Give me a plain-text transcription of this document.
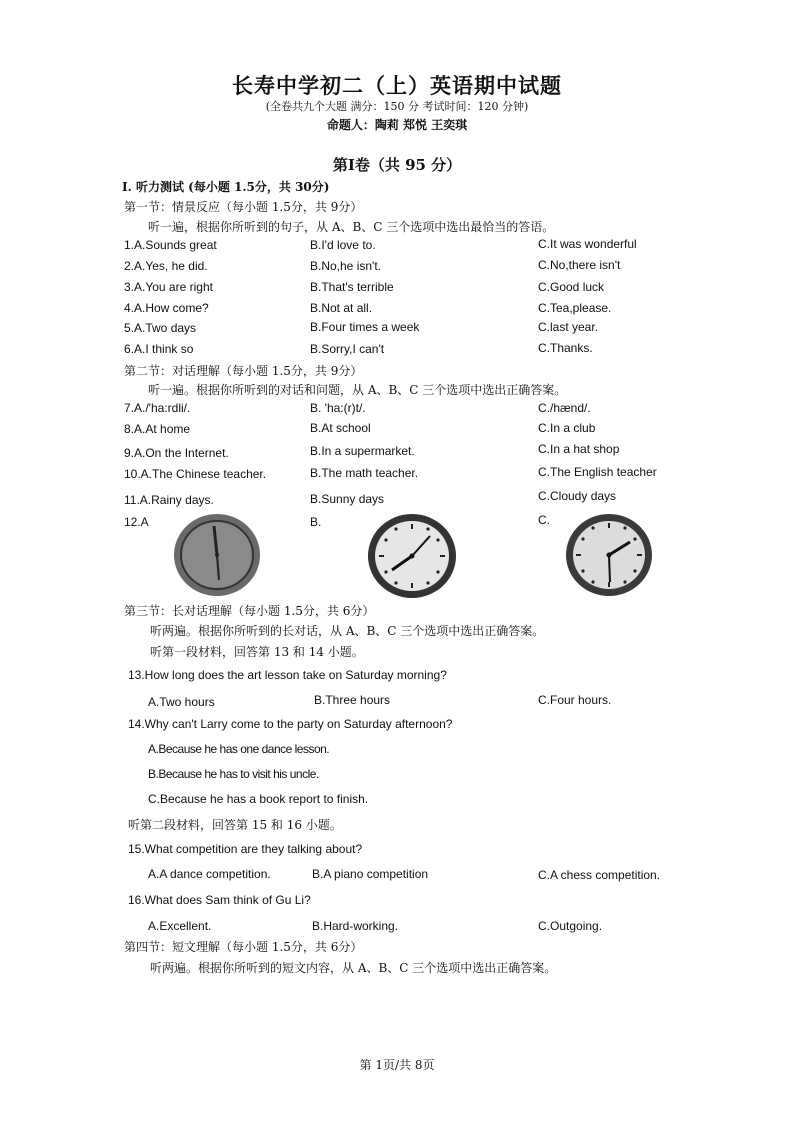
长寿中学初二（上）英语期中试题
(全卷共九个大题 满分：150 分 考试时间：120 分钟)
命题人：陶莉 郑悦 王奕琪
第Ⅰ卷（共 95 分）
I. 听力测试 (每小题 1.5分，共 30分)
第一节：情景反应（每小题 1.5分，共 9分）
听一遍，根据你所听到的句子，从 A、B、C 三个选项中选出最恰当的答语。
1.A.Sounds great	B.I'd love to.	C.It was wonderful
2.A.Yes, he did.	B.No,he isn't.	C.No,there isn't
3.A.You are right	B.That's terrible	C.Good luck
4.A.How come?	B.Not at all.	C.Tea,please.
5.A.Two days	B.Four times a week	C.last year.
6.A.I think so	B.Sorry,I can't	C.Thanks.
第二节：对话理解（每小题 1.5分，共 9分）
听一遍。根据你所听到的对话和问题，从 A、B、C 三个选项中选出正确答案。
7.A./'ha:rdli/.	B. 'ha:(r)t/.	C./hænd/.
8.A.At home	B.At school	C.In a club
9.A.On the Internet.	B.In a supermarket.	C.In a hat shop
10.A.The Chinese teacher.	B.The math teacher.	C.The English teacher
11.A.Rainy days.	B.Sunny days	C.Cloudy days
12.A	B.	C.
第三节：长对话理解（每小题 1.5分，共 6分）
听两遍。根据你所听到的长对话，从 A、B、C 三个选项中选出正确答案。
听第一段材料，回答第 13 和 14 小题。
13.How long does the art lesson take on Saturday morning?
A.Two hours	B.Three hours	C.Four hours.
14.Why can't Larry come to the party on Saturday afternoon?
A.Because he has one dance lesson.
B.Because he has to visit his uncle.
C.Because he has a book report to finish.
听第二段材料，回答第 15 和 16 小题。
15.What competition are they talking about?
A.A dance competition.	B.A piano competition	C.A chess competition.
16.What does Sam think of Gu Li?
A.Excellent.	B.Hard-working.	C.Outgoing.
第四节：短文理解（每小题 1.5分，共 6分）
听两遍。根据你所听到的短文内容，从 A、B、C 三个选项中选出正确答案。
第 1页/共 8页
